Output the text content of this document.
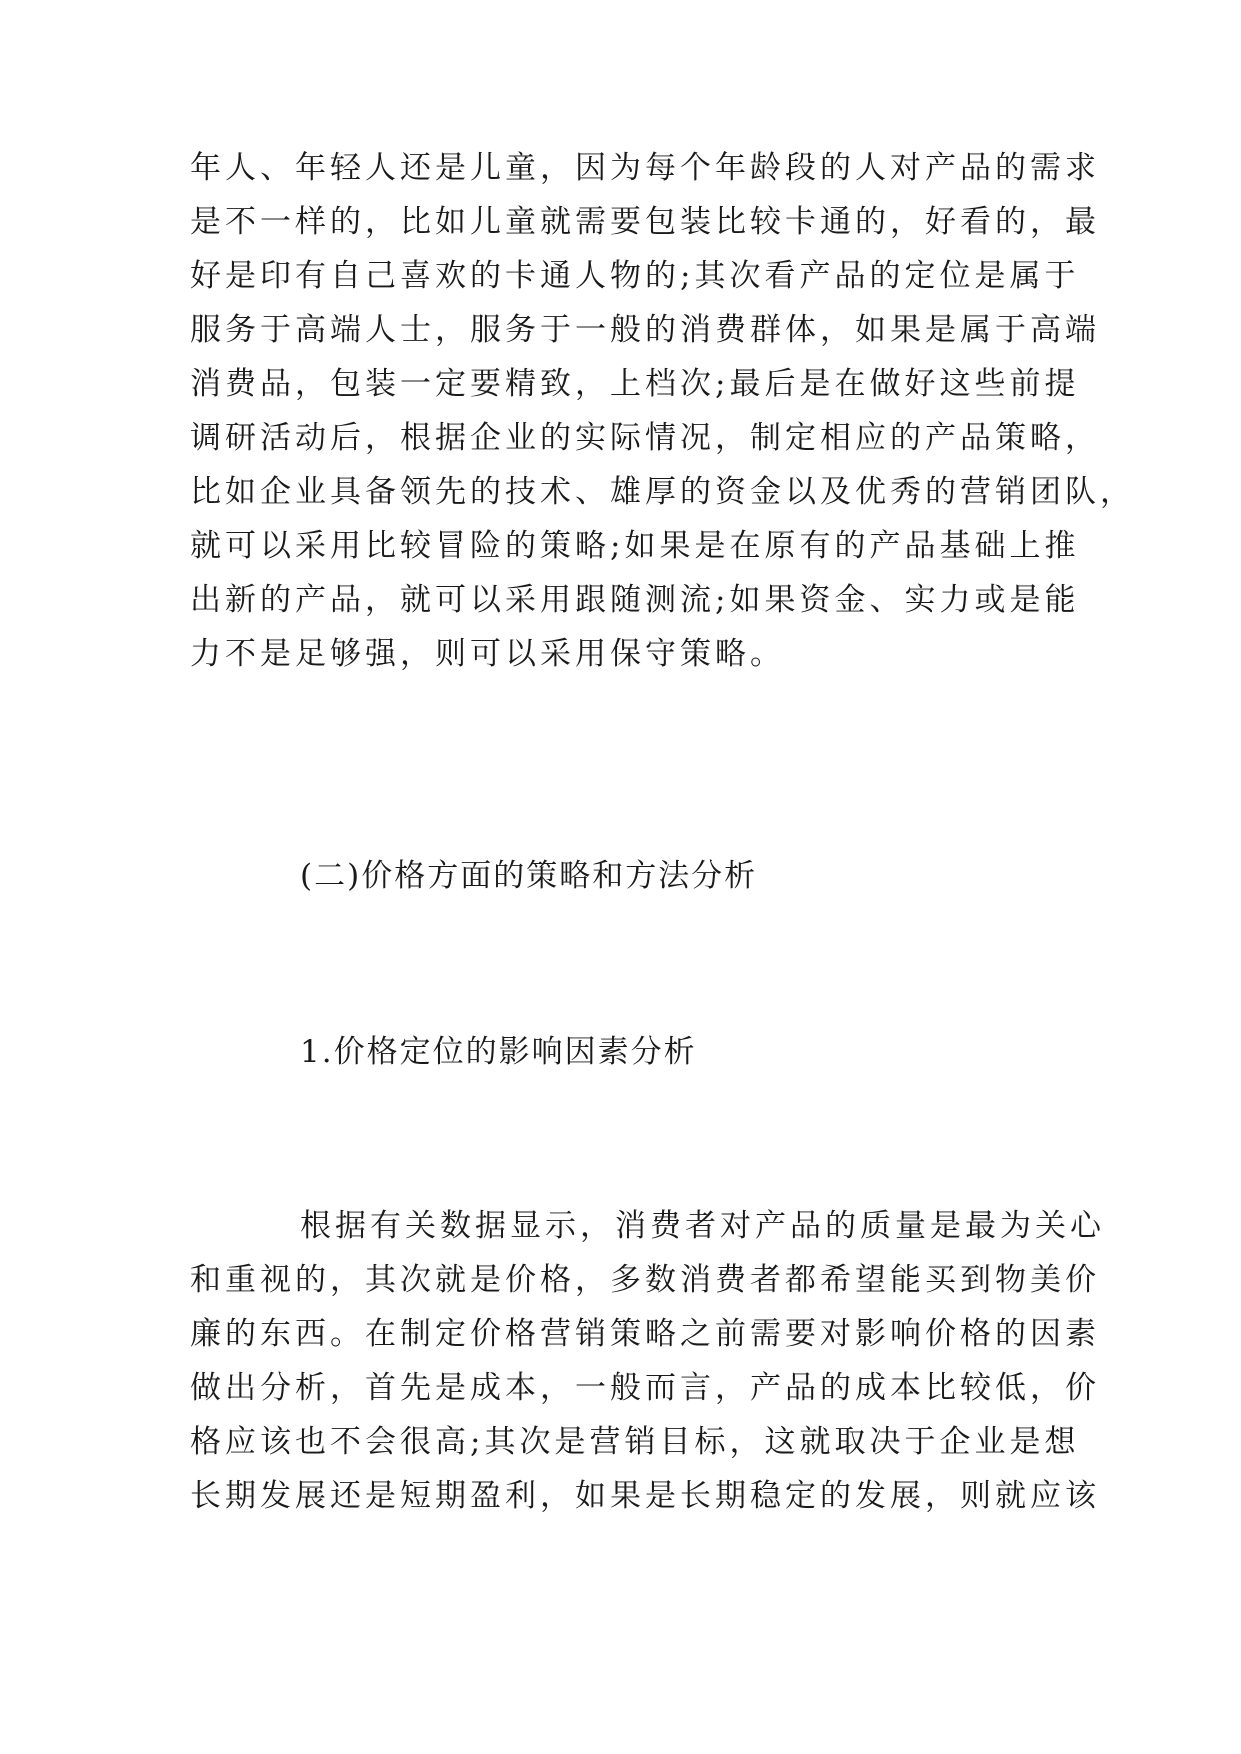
年人、年轻人还是儿童，因为每个年龄段的人对产品的需求
是不一样的，比如儿童就需要包装比较卡通的，好看的，最
好是印有自己喜欢的卡通人物的;其次看产品的定位是属于
服务于高端人士，服务于一般的消费群体，如果是属于高端
消费品，包装一定要精致，上档次;最后是在做好这些前提
调研活动后，根据企业的实际情况，制定相应的产品策略，
比如企业具备领先的技术、雄厚的资金以及优秀的营销团队，
就可以采用比较冒险的策略;如果是在原有的产品基础上推
出新的产品，就可以采用跟随测流;如果资金、实力或是能
力不是足够强，则可以采用保守策略。
(二)价格方面的策略和方法分析
1.价格定位的影响因素分析
根据有关数据显示，消费者对产品的质量是最为关心
和重视的，其次就是价格，多数消费者都希望能买到物美价
廉的东西。在制定价格营销策略之前需要对影响价格的因素
做出分析，首先是成本，一般而言，产品的成本比较低，价
格应该也不会很高;其次是营销目标，这就取决于企业是想
长期发展还是短期盈利，如果是长期稳定的发展，则就应该
